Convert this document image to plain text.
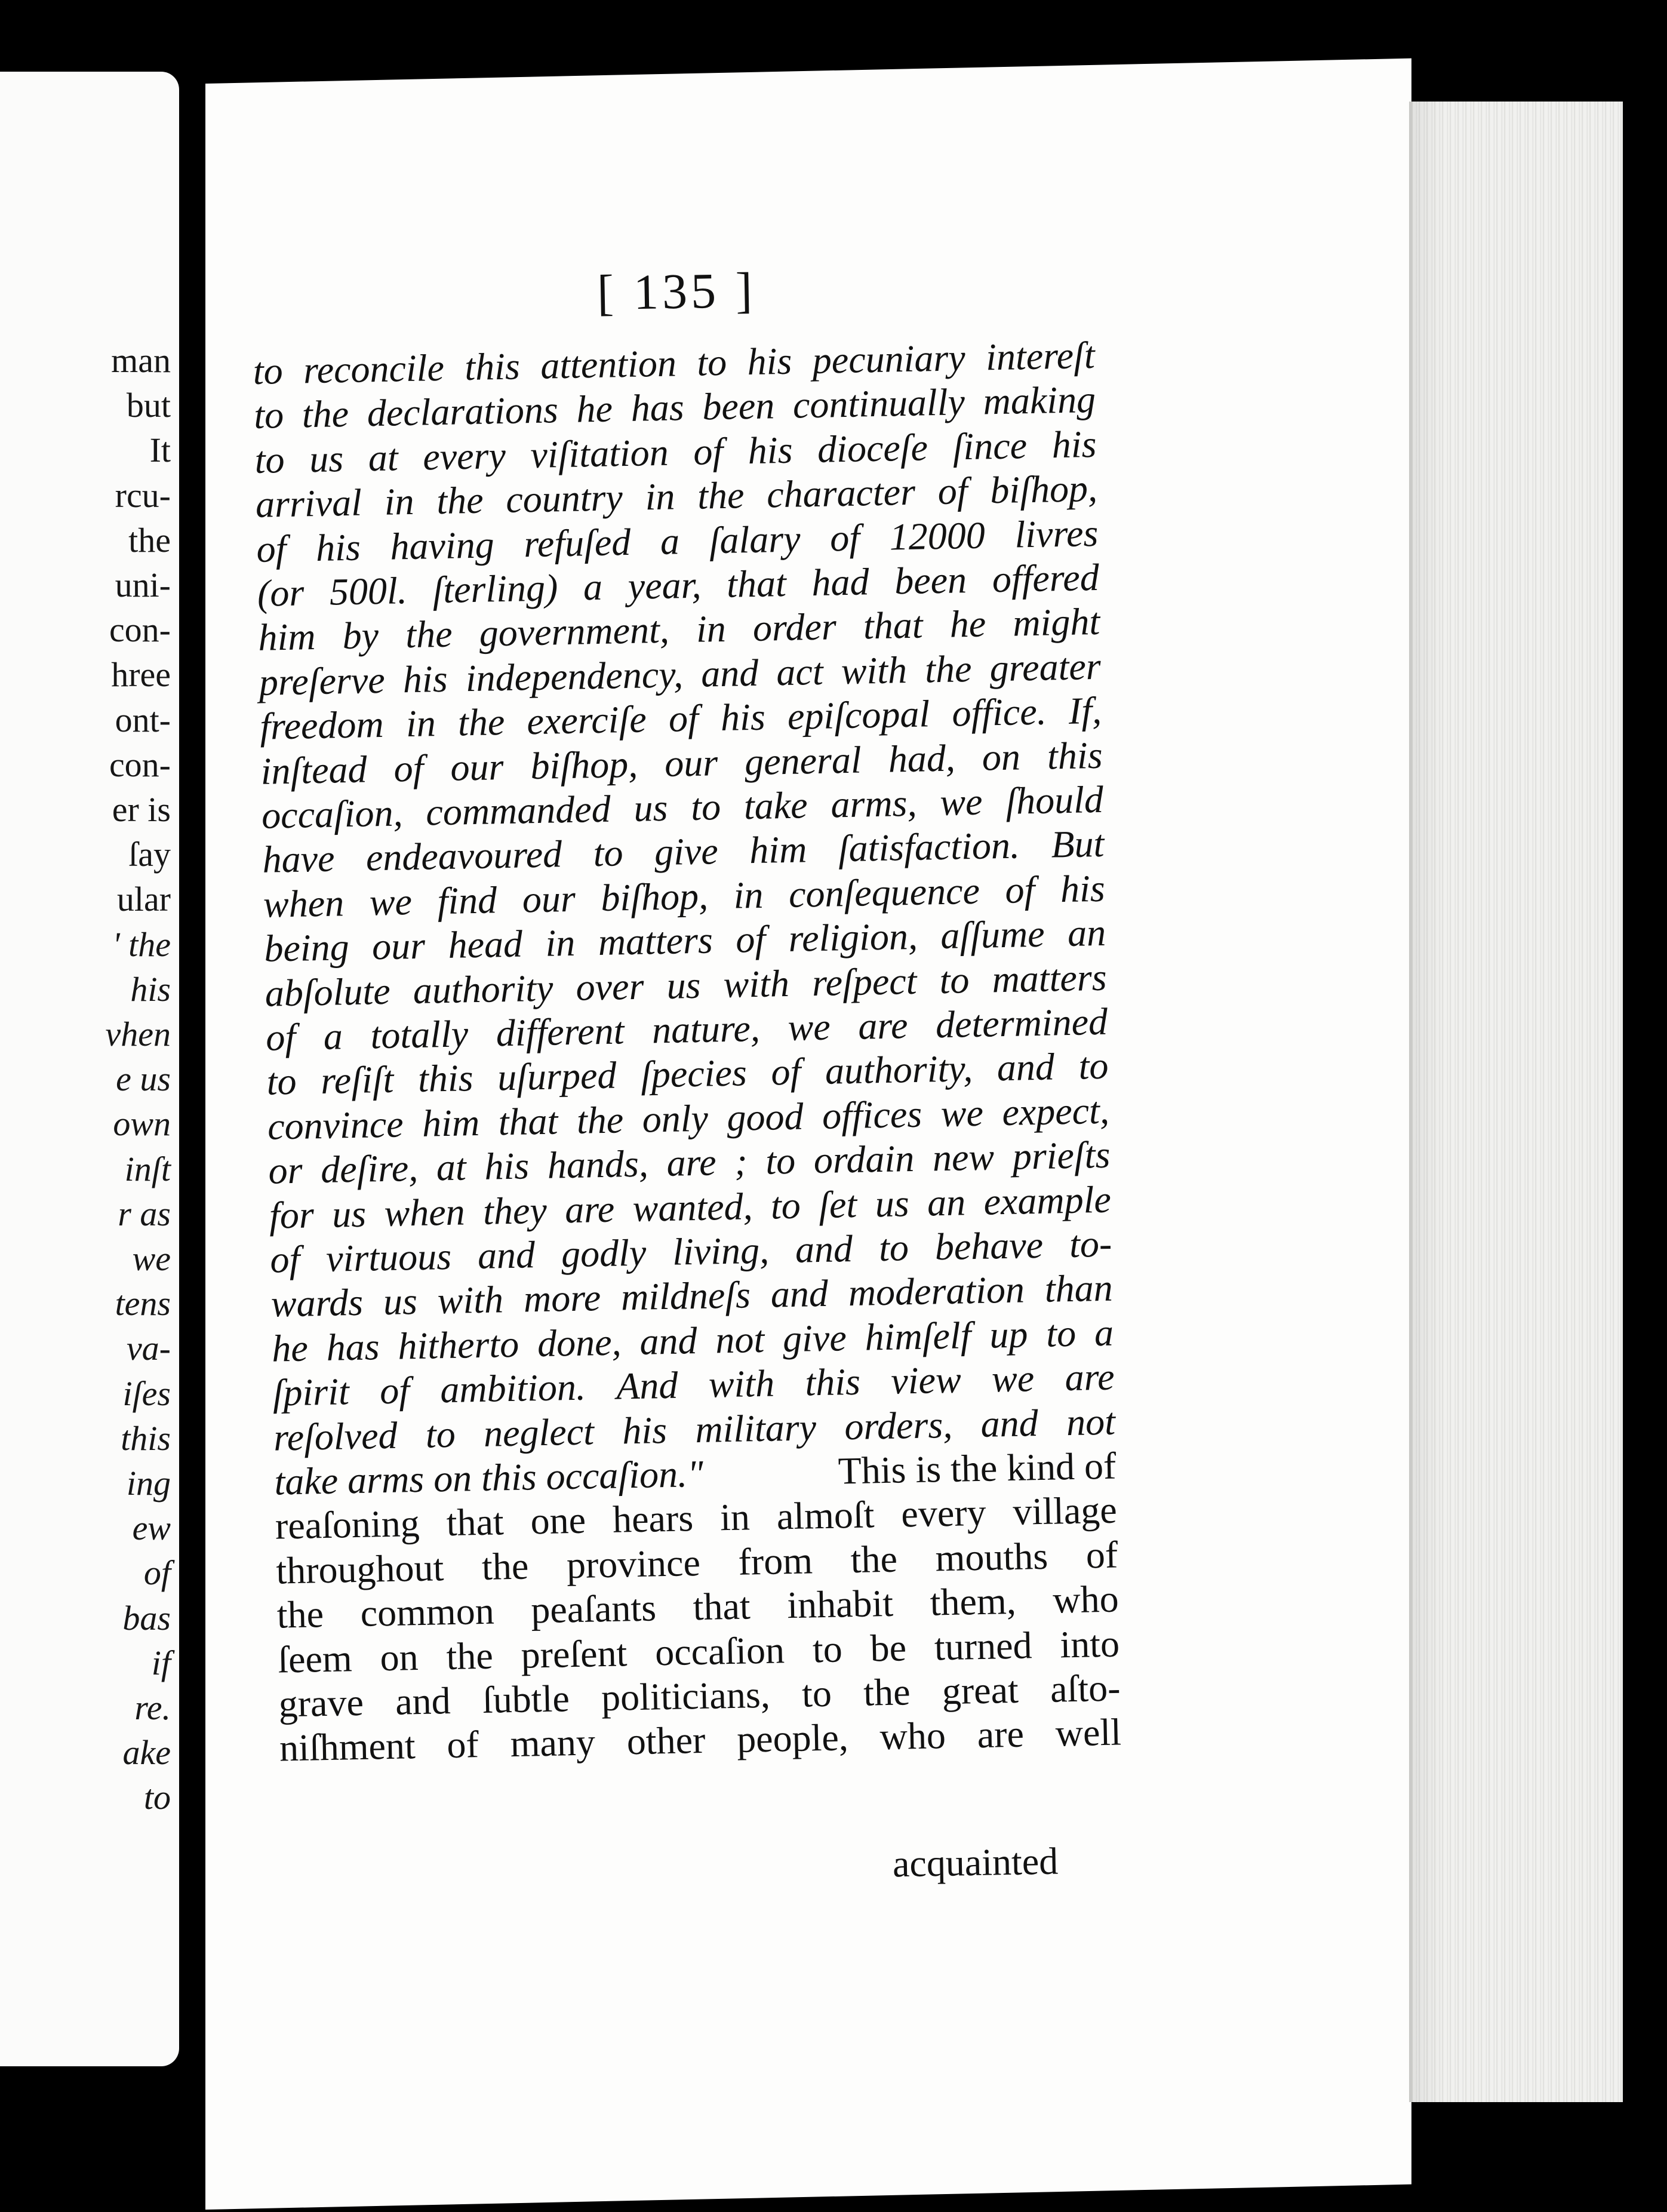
man
but
It
rcu-
the
uni-
con-
hree
ont-
con-
er is
ſay
ular
' the
his
vhen
e us
own
inſt
r as
we
tens
va-
iſes
this
ing
ew
of
bas
if
re.
ake
to
[ 135 ]
to reconcile this attention to his pecuniary intereſt
to the declarations he has been continually making
to us at every viſitation of his dioceſe ſince his
arrival in the country in the character of biſhop,
of his having refuſed a ſalary of 12000 livres
(or 500l. ſterling) a year, that had been offered
him by the government, in order that he might
preſerve his independency, and act with the greater
freedom in the exerciſe of his epiſcopal office. If,
inſtead of our biſhop, our general had, on this
occaſion, commanded us to take arms, we ſhould
have endeavoured to give him ſatisfaction. But
when we find our biſhop, in conſequence of his
being our head in matters of religion, aſſume an
abſolute authority over us with reſpect to matters
of a totally different nature, we are determined
to reſiſt this uſurped ſpecies of authority, and to
convince him that the only good offices we expect,
or deſire, at his hands, are ; to ordain new prieſts
for us when they are wanted, to ſet us an example
of virtuous and godly living, and to behave to-
wards us with more mildneſs and moderation than
he has hitherto done, and not give himſelf up to a
ſpirit of ambition. And with this view we are
reſolved to neglect his military orders, and not
take arms on this occaſion."	This is the kind of
reaſoning that one hears in almoſt every village
throughout the province from the mouths of
the common peaſants that inhabit them, who
ſeem on the preſent occaſion to be turned into
grave and ſubtle politicians, to the great aſto-
niſhment of many other people, who are well
acquainted
